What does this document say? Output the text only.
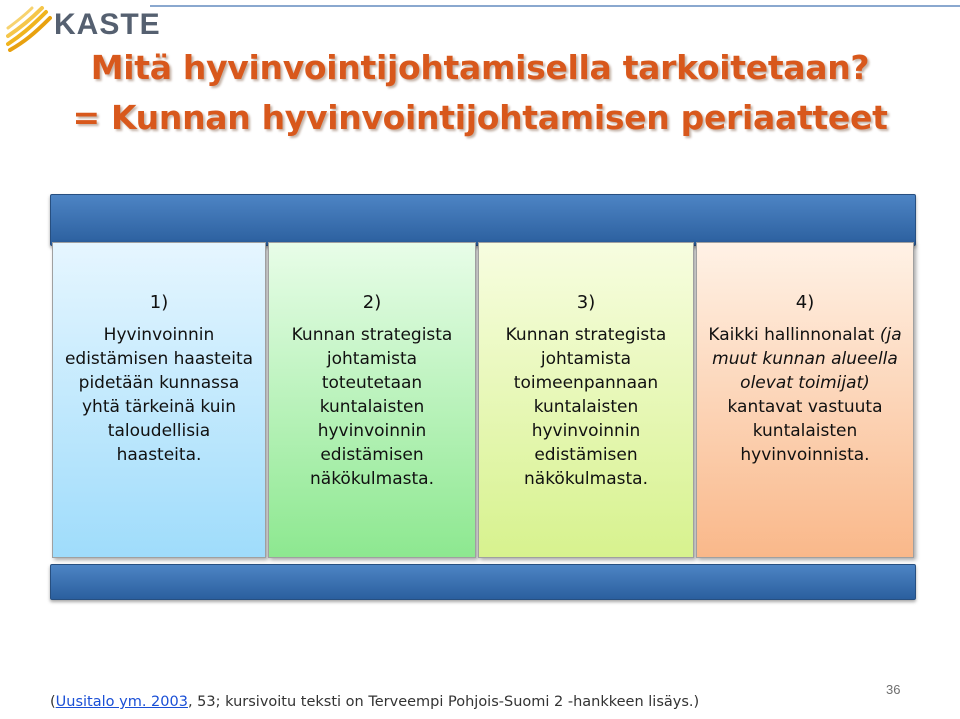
KASTE
Mitä hyvinvointijohtamisella tarkoitetaan?
= Kunnan hyvinvointijohtamisen periaatteet
1)
Hyvinvoinnin edistämisen haasteita pidetään kunnassa yhtä tärkeinä kuin taloudellisia haasteita.
2)
Kunnan strategista johtamista toteutetaan kuntalaisten hyvinvoinnin edistämisen näkökulmasta.
3)
Kunnan strategista johtamista toimeenpannaan kuntalaisten hyvinvoinnin edistämisen näkökulmasta.
4)
Kaikki hallinnonalat (ja muut kunnan alueella olevat toimijat) kantavat vastuuta kuntalaisten hyvinvoinnista.
36
(Uusitalo ym. 2003, 53; kursivoitu teksti on Terveempi Pohjois-Suomi 2 -hankkeen lisäys.)
